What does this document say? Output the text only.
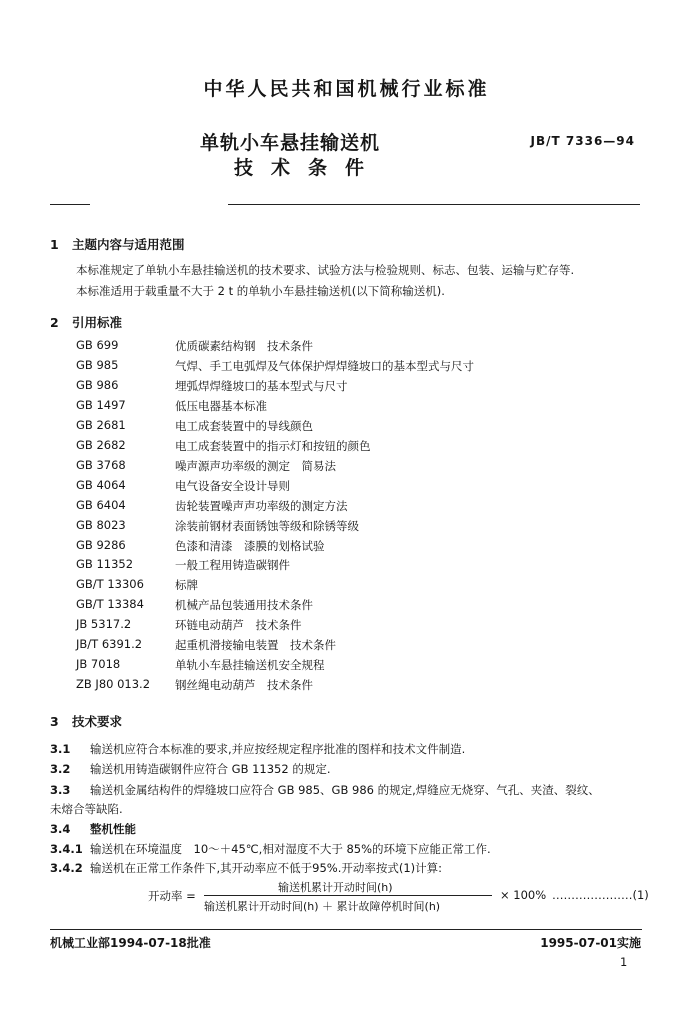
中华人民共和国机械行业标准
单轨小车悬挂输送机
技术条件
JB/T 7336—94
1 主题内容与适用范围
本标准规定了单轨小车悬挂输送机的技术要求、试验方法与检验规则、标志、包装、运输与贮存等.
本标准适用于载重量不大于 2 t 的单轨小车悬挂输送机(以下简称输送机).
2 引用标准
GB 699	优质碳素结构钢　技术条件
GB 985	气焊、手工电弧焊及气体保护焊焊缝坡口的基本型式与尺寸
GB 986	埋弧焊焊缝坡口的基本型式与尺寸
GB 1497	低压电器基本标准
GB 2681	电工成套装置中的导线颜色
GB 2682	电工成套装置中的指示灯和按钮的颜色
GB 3768	噪声源声功率级的测定　简易法
GB 4064	电气设备安全设计导则
GB 6404	齿轮装置噪声声功率级的测定方法
GB 8023	涂装前钢材表面锈蚀等级和除锈等级
GB 9286	色漆和清漆　漆膜的划格试验
GB 11352	一般工程用铸造碳钢件
GB/T 13306	标牌
GB/T 13384	机械产品包装通用技术条件
JB 5317.2	环链电动葫芦　技术条件
JB/T 6391.2	起重机滑接输电装置　技术条件
JB 7018	单轨小车悬挂输送机安全规程
ZB J80 013.2 钢丝绳电动葫芦　技术条件
3 技术要求
3.1 输送机应符合本标准的要求,并应按经规定程序批准的图样和技术文件制造.
3.2 输送机用铸造碳钢件应符合 GB 11352 的规定.
3.3 输送机金属结构件的焊缝坡口应符合 GB 985、GB 986 的规定,焊缝应无烧穿、气孔、夹渣、裂纹、
未熔合等缺陷.
3.4 整机性能
3.4.1 输送机在环境温度　10～＋45℃,相对湿度不大于 85%的环境下应能正常工作.
3.4.2 输送机在正常工作条件下,其开动率应不低于95%.开动率按式(1)计算:
开动率 =
输送机累计开动时间(h)
输送机累计开动时间(h) ＋ 累计故障停机时间(h)
× 100% …………………(1)
机械工业部1994-07-18批准	1995-07-01实施
1
